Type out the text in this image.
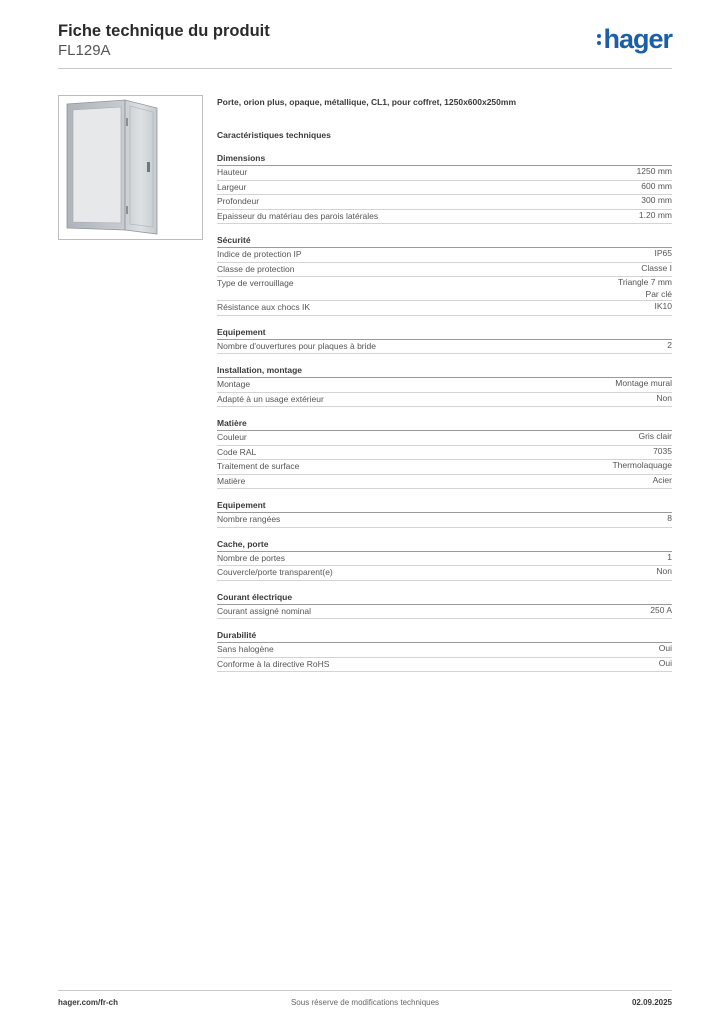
Fiche technique du produit
FL129A	hager
Porte, orion plus, opaque, métallique, CL1, pour coffret, 1250x600x250mm
Caractéristiques techniques
Dimensions
Hauteur	1250 mm
Largeur	600 mm
Profondeur	300 mm
Epaisseur du matériau des parois latérales	1.20 mm
Sécurité
Indice de protection IP	IP65
Classe de protection	Classe I
Type de verrouillage	Triangle 7 mm
Par clé
Résistance aux chocs IK	IK10
Equipement
Nombre d'ouvertures pour plaques à bride	2
Installation, montage
Montage	Montage mural
Adapté à un usage extérieur	Non
Matière
Couleur	Gris clair
Code RAL	7035
Traitement de surface	Thermolaquage
Matière	Acier
Equipement
Nombre rangées	8
Cache, porte
Nombre de portes	1
Couvercle/porte transparent(e)	Non
Courant électrique
Courant assigné nominal	250 A
Durabilité
Sans halogène	Oui
Conforme à la directive RoHS	Oui
hager.com/fr-ch	Sous réserve de modifications techniques	02.09.2025
